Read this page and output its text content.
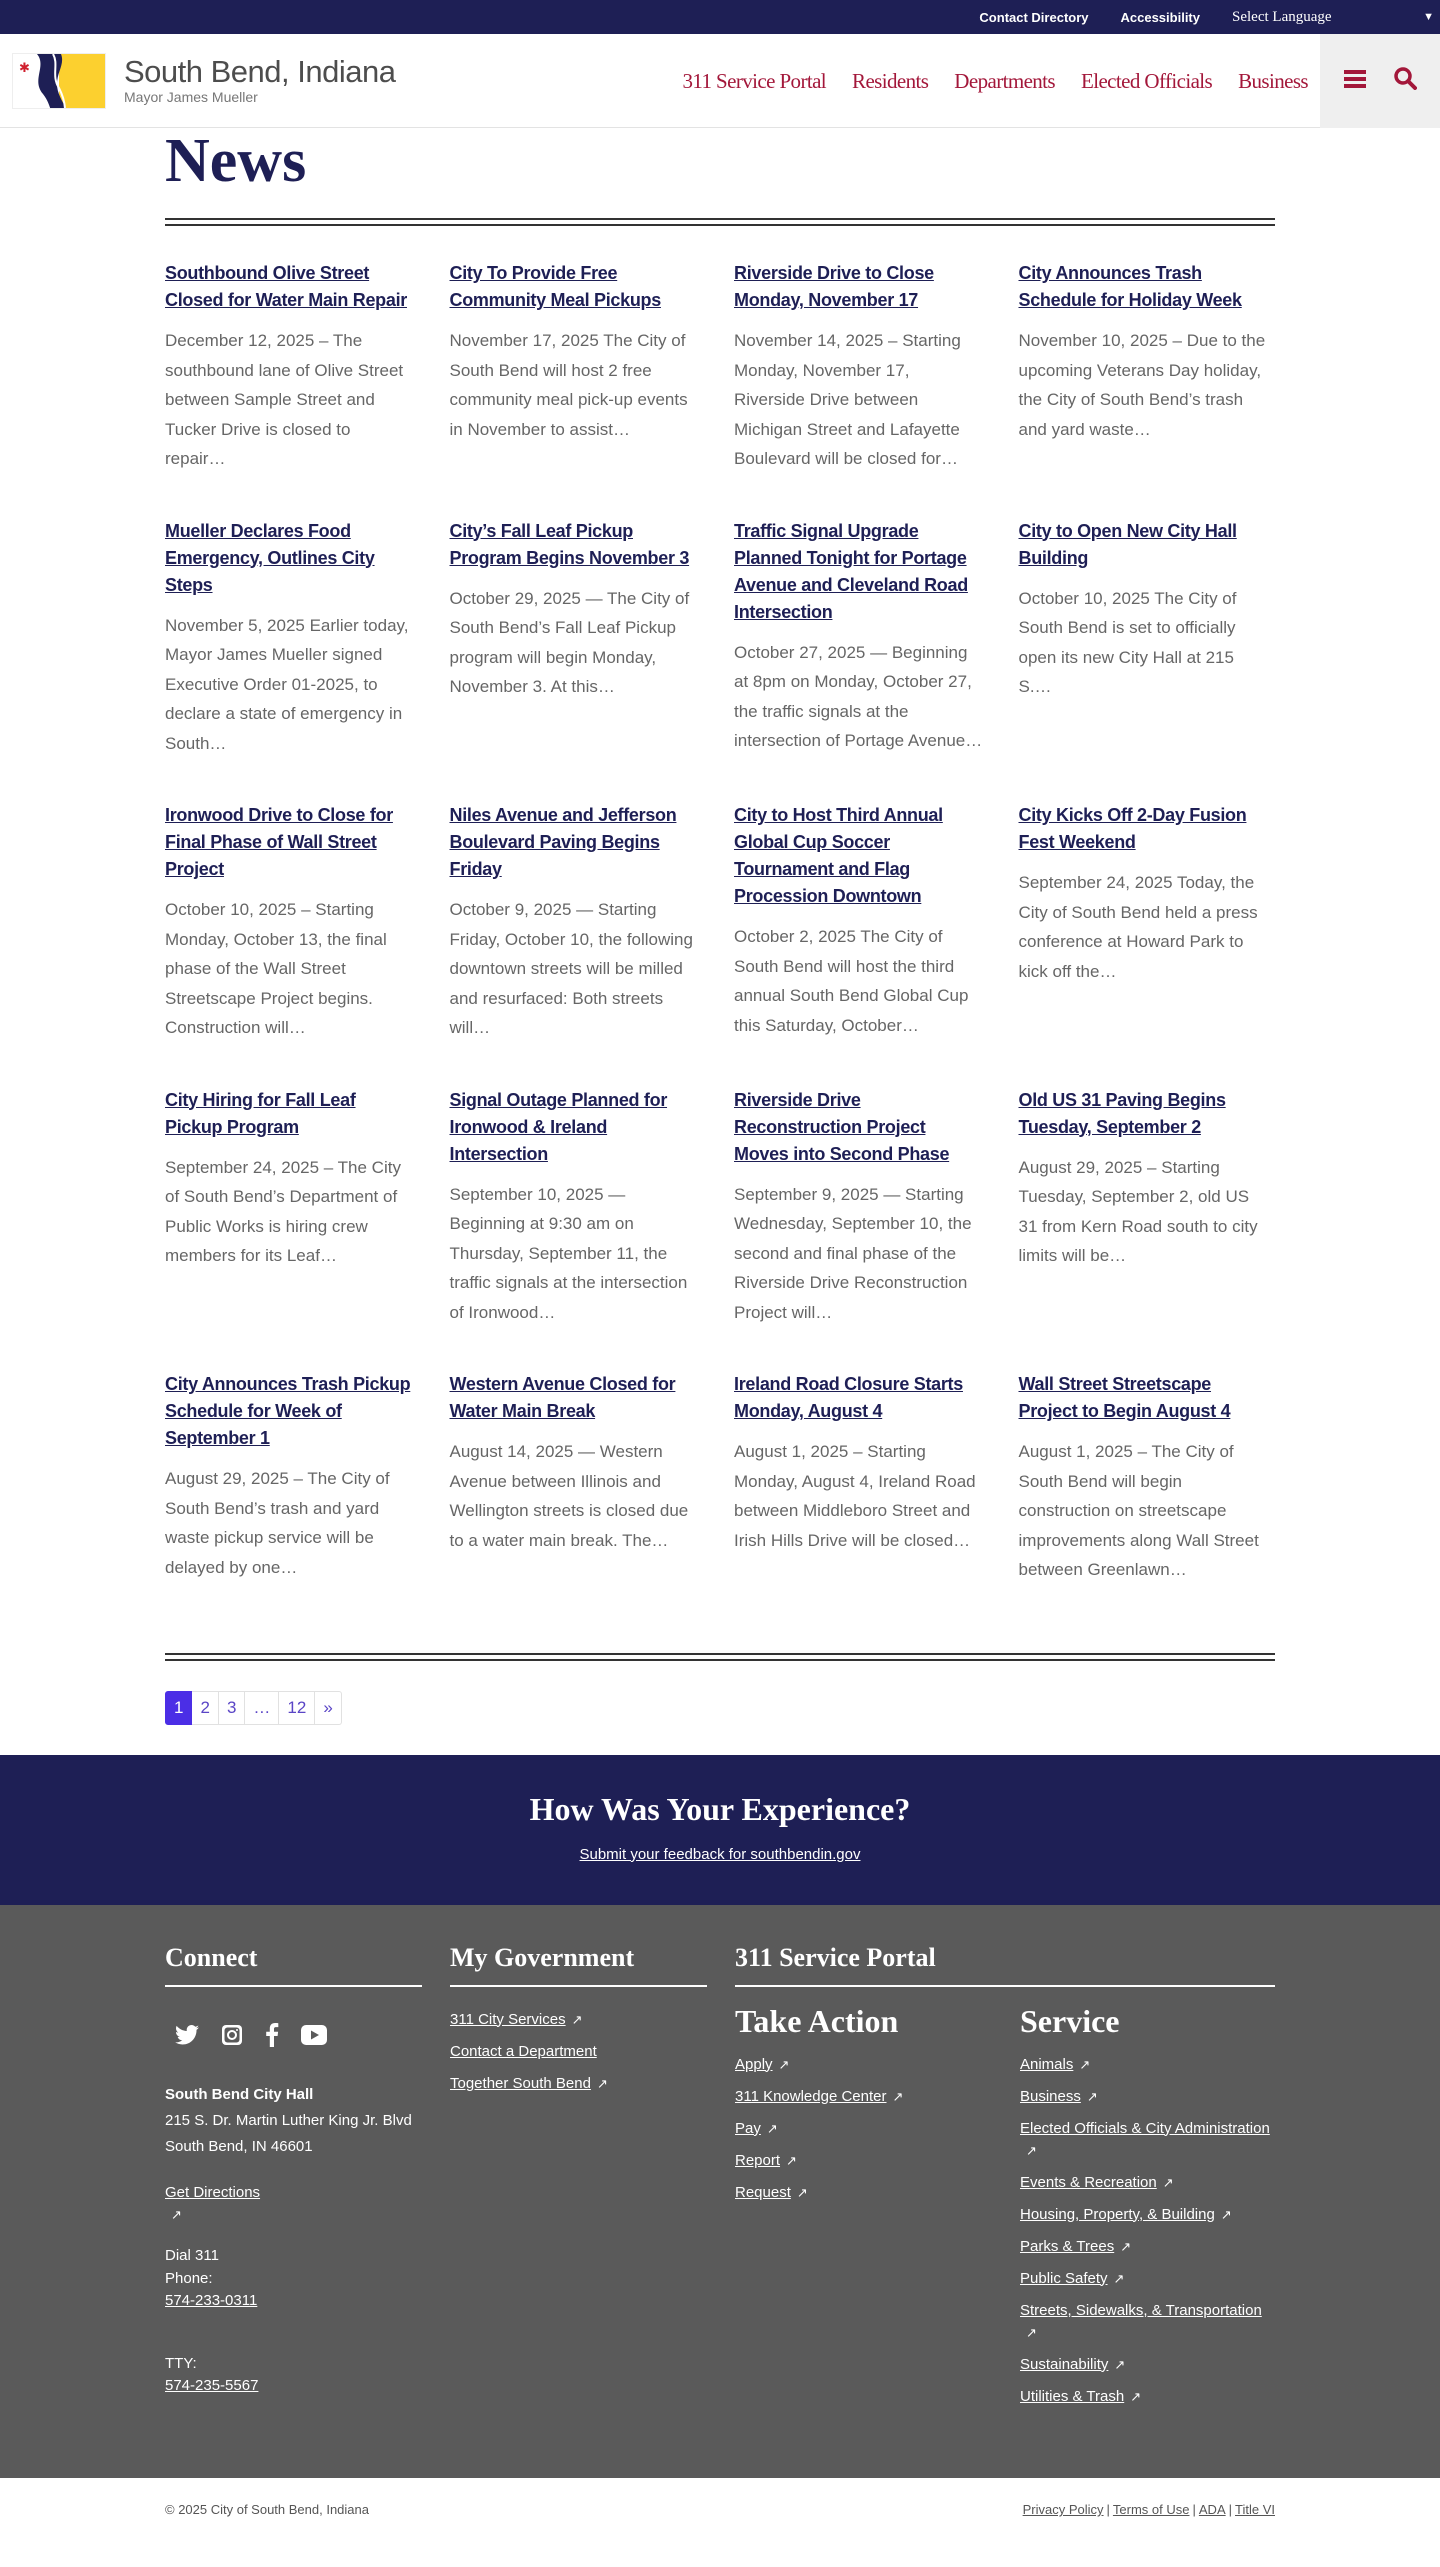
Contact Directory Accessibility Select Language	▼
✱	South Bend, Indiana
Mayor James Mueller
311 Service Portal Residents Departments Elected Officials Business
News
Southbound Olive Street Closed for Water Main Repair

December 12, 2025 – The southbound lane of Olive Street between Sample Street and Tucker Drive is closed to repair…

City To Provide Free Community Meal Pickups

November 17, 2025 The City of South Bend will host 2 free community meal pick-up events in November to assist…

Riverside Drive to Close Monday, November 17

November 14, 2025 – Starting Monday, November 17, Riverside Drive between Michigan Street and Lafayette Boulevard will be closed for…

City Announces Trash Schedule for Holiday Week

November 10, 2025 – Due to the upcoming Veterans Day holiday, the City of South Bend’s trash and yard waste…

Mueller Declares Food Emergency, Outlines City Steps

November 5, 2025 Earlier today, Mayor James Mueller signed Executive Order 01-2025, to declare a state of emergency in South…

City’s Fall Leaf Pickup Program Begins November 3

October 29, 2025 — The City of South Bend’s Fall Leaf Pickup program will begin Monday, November 3. At this…

Traffic Signal Upgrade Planned Tonight for Portage Avenue and Cleveland Road Intersection

October 27, 2025 — Beginning at 8pm on Monday, October 27, the traffic signals at the intersection of Portage Avenue…

City to Open New City Hall Building

October 10, 2025 The City of South Bend is set to officially open its new City Hall at 215 S.…

Ironwood Drive to Close for Final Phase of Wall Street Project

October 10, 2025 – Starting Monday, October 13, the final phase of the Wall Street Streetscape Project begins. Construction will…

Niles Avenue and Jefferson Boulevard Paving Begins Friday

October 9, 2025 — Starting Friday, October 10, the following downtown streets will be milled and resurfaced: Both streets will…

City to Host Third Annual Global Cup Soccer Tournament and Flag Procession Downtown

October 2, 2025 The City of South Bend will host the third annual South Bend Global Cup this Saturday, October…

City Kicks Off 2-Day Fusion Fest Weekend

September 24, 2025 Today, the City of South Bend held a press conference at Howard Park to kick off the…

City Hiring for Fall Leaf Pickup Program

September 24, 2025 – The City of South Bend’s Department of Public Works is hiring crew members for its Leaf…

Signal Outage Planned for Ironwood & Ireland Intersection

September 10, 2025 — Beginning at 9:30 am on Thursday, September 11, the traffic signals at the intersection of Ironwood…

Riverside Drive Reconstruction Project Moves into Second Phase

September 9, 2025 — Starting Wednesday, September 10, the second and final phase of the Riverside Drive Reconstruction Project will…

Old US 31 Paving Begins Tuesday, September 2

August 29, 2025 – Starting Tuesday, September 2, old US 31 from Kern Road south to city limits will be…

City Announces Trash Pickup Schedule for Week of September 1

August 29, 2025 – The City of South Bend’s trash and yard waste pickup service will be delayed by one…

Western Avenue Closed for Water Main Break

August 14, 2025 — Western Avenue between Illinois and Wellington streets is closed due to a water main break. The…

Ireland Road Closure Starts Monday, August 4

August 1, 2025 – Starting Monday, August 4, Ireland Road between Middleboro Street and Irish Hills Drive will be closed…

Wall Street Streetscape Project to Begin August 4

August 1, 2025 – The City of South Bend will begin construction on streetscape improvements along Wall Street between Greenlawn…

1	2	3	…	12	»
How Was Your Experience?
Submit your feedback for southbendin.gov
Connect
South Bend City Hall
215 S. Dr. Martin Luther King Jr. Blvd
South Bend, IN 46601
Get Directions
↗
Dial 311
Phone:
574-233-0311
TTY:
574-235-5567
My Government
311 City Services ↗
Contact a Department
Together South Bend ↗
311 Service Portal
Take Action
Apply ↗
311 Knowledge Center ↗
Pay ↗
Report ↗
Request ↗
Service
Animals ↗
Business ↗
Elected Officials & City Administration↗
Events & Recreation ↗
Housing, Property, & Building ↗
Parks & Trees ↗
Public Safety ↗
Streets, Sidewalks, & Transportation↗
Sustainability ↗
Utilities & Trash ↗
© 2025 City of South Bend, Indiana	Privacy Policy | Terms of Use | ADA | Title VI
